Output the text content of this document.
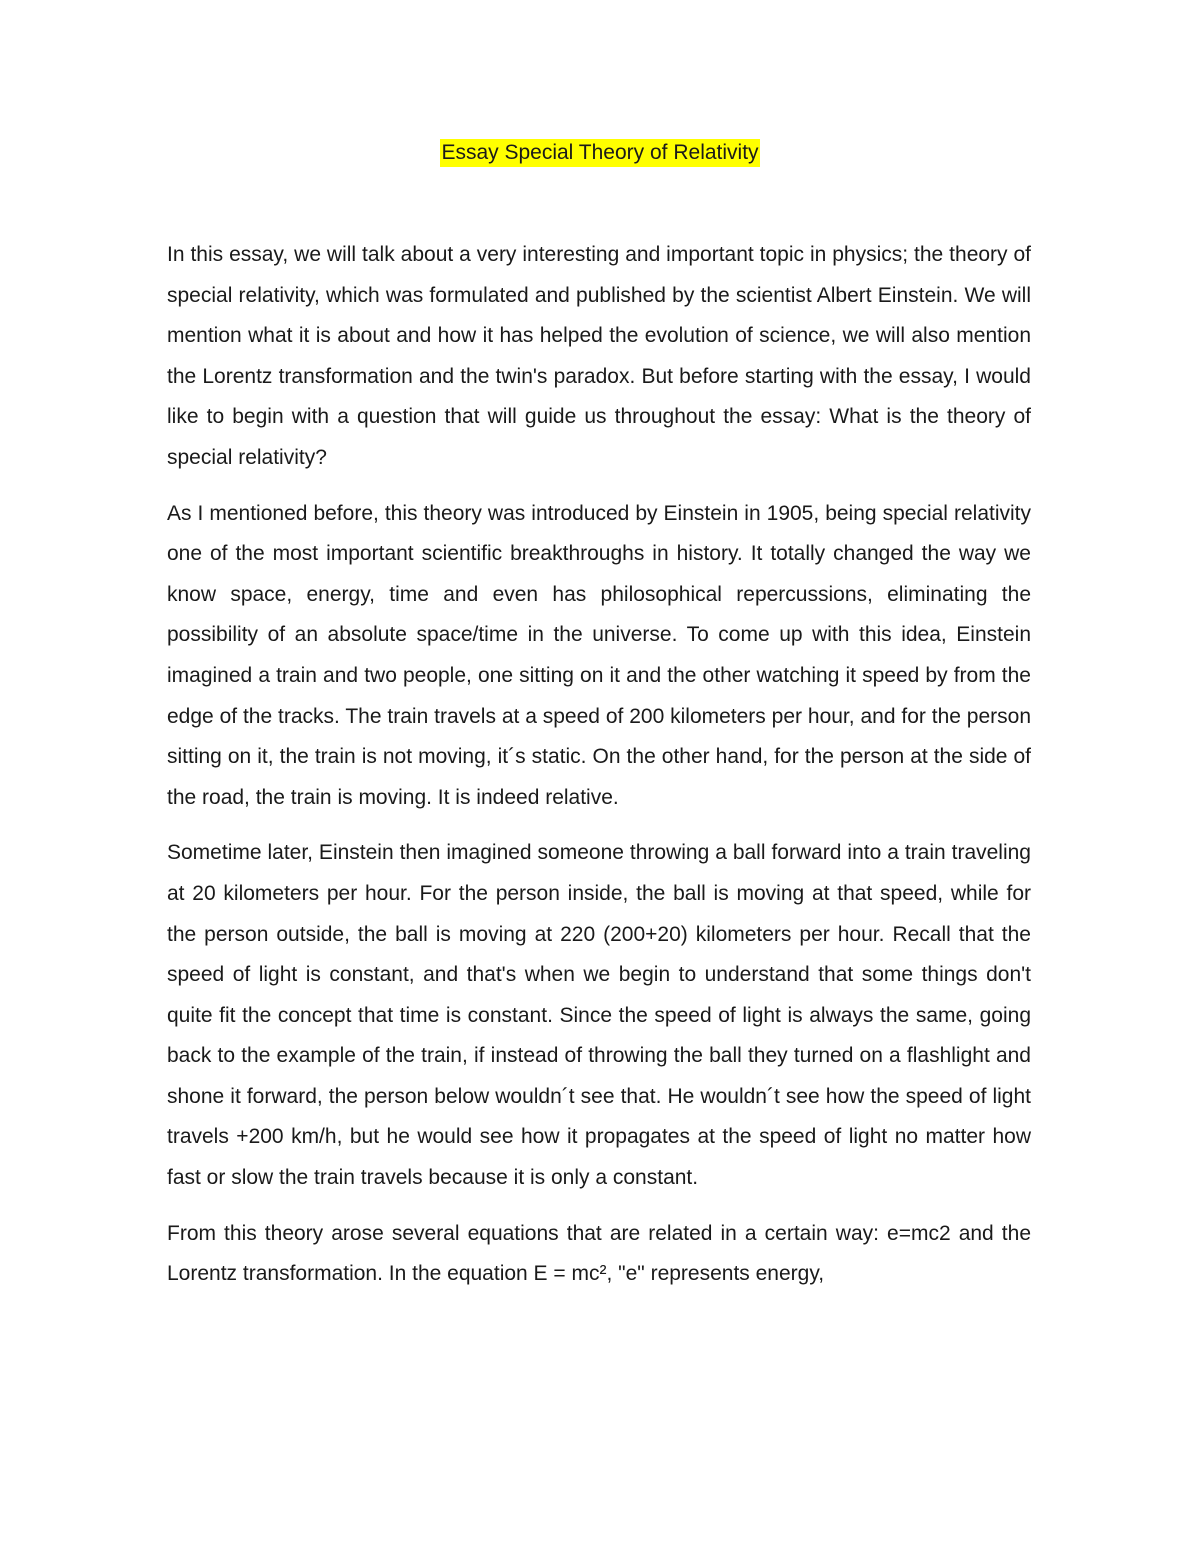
Essay Special Theory of Relativity

In this essay, we will talk about a very interesting and important topic in physics; the theory of special relativity, which was formulated and published by the scientist Albert Einstein. We will mention what it is about and how it has helped the evolution of science, we will also mention the Lorentz transformation and the twin's paradox. But before starting with the essay, I would like to begin with a question that will guide us throughout the essay: What is the theory of special relativity?

As I mentioned before, this theory was introduced by Einstein in 1905, being special relativity one of the most important scientific breakthroughs in history. It totally changed the way we know space, energy, time and even has philosophical repercussions, eliminating the possibility of an absolute space/time in the universe. To come up with this idea, Einstein imagined a train and two people, one sitting on it and the other watching it speed by from the edge of the tracks. The train travels at a speed of 200 kilometers per hour, and for the person sitting on it, the train is not moving, it´s static. On the other hand, for the person at the side of the road, the train is moving. It is indeed relative.

Sometime later, Einstein then imagined someone throwing a ball forward into a train traveling at 20 kilometers per hour. For the person inside, the ball is moving at that speed, while for the person outside, the ball is moving at 220 (200+20) kilometers per hour. Recall that the speed of light is constant, and that's when we begin to understand that some things don't quite fit the concept that time is constant. Since the speed of light is always the same, going back to the example of the train, if instead of throwing the ball they turned on a flashlight and shone it forward, the person below wouldn´t see that. He wouldn´t see how the speed of light travels +200 km/h, but he would see how it propagates at the speed of light no matter how fast or slow the train travels because it is only a constant.

From this theory arose several equations that are related in a certain way: e=mc2 and the Lorentz transformation. In the equation E = mc², "e" represents energy,
